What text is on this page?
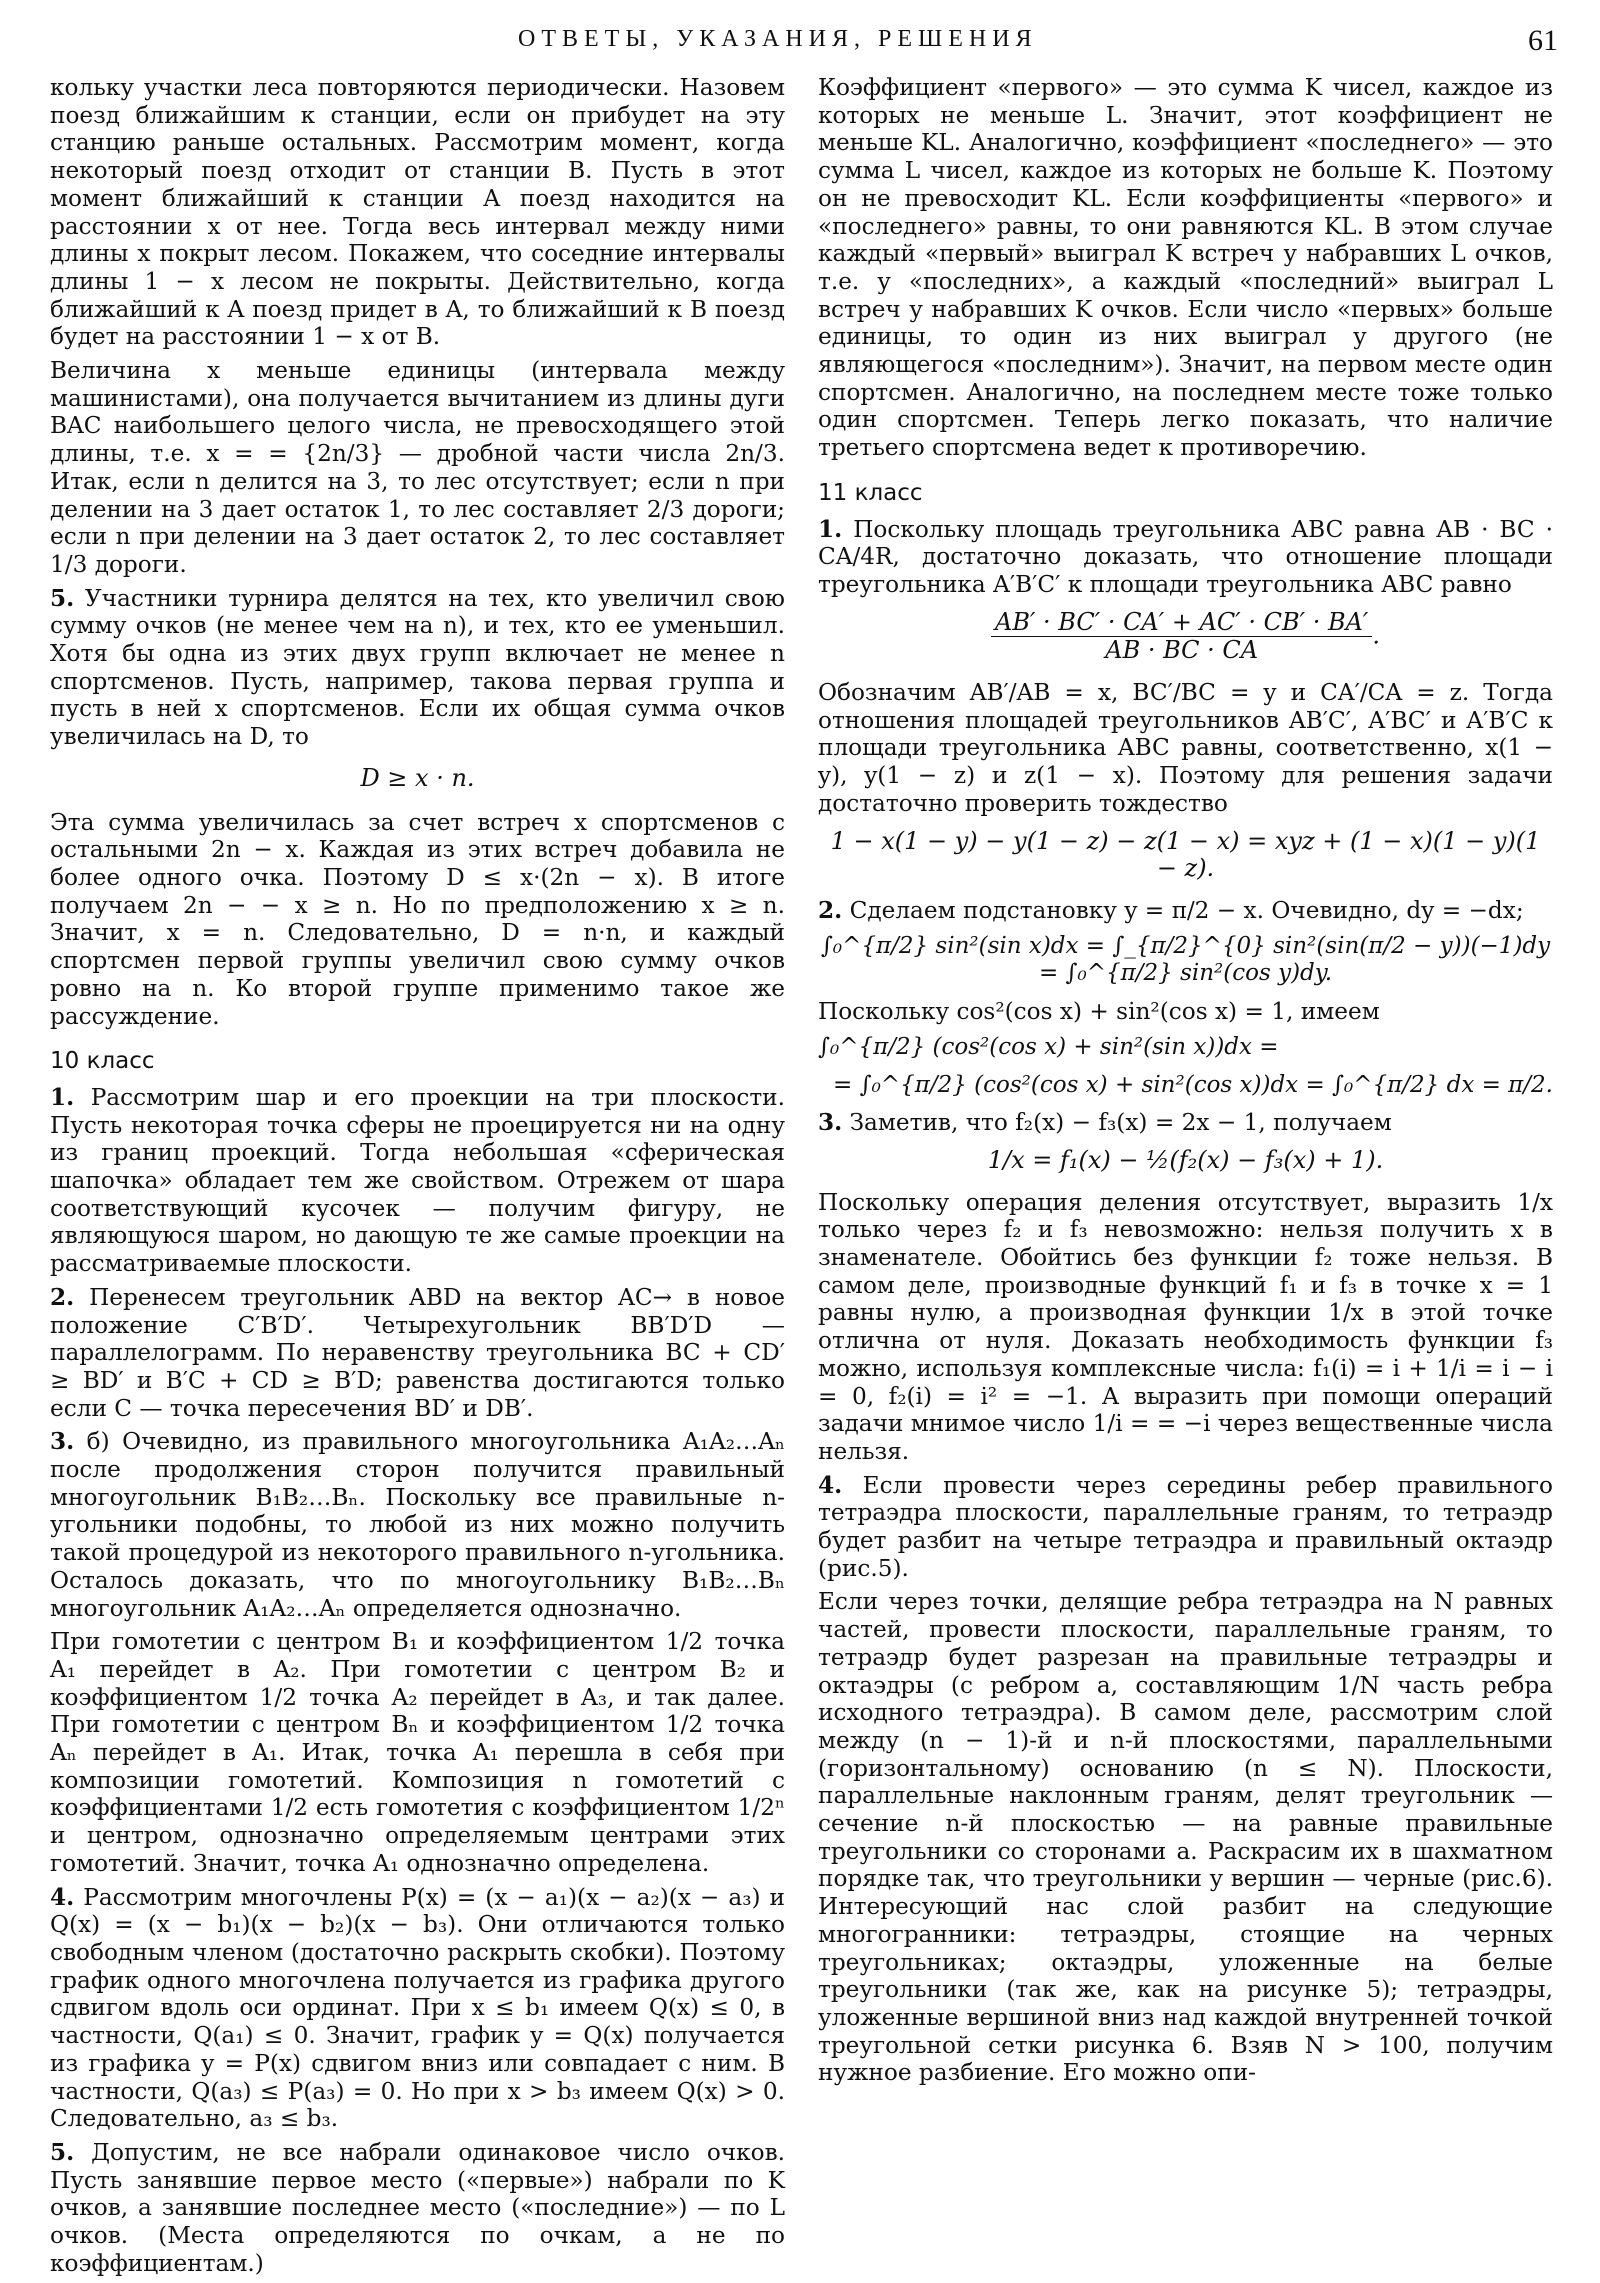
ОТВЕТЫ, УКАЗАНИЯ, РЕШЕНИЯ	61

кольку участки леса повторяются периодически. Назовем поезд ближайшим к станции, если он прибудет на эту станцию раньше остальных. Рассмотрим момент, когда некоторый поезд отходит от станции B. Пусть в этот момент ближайший к станции A поезд находится на расстоянии x от нее. Тогда весь интервал между ними длины x покрыт лесом. Покажем, что соседние интервалы длины 1 − x лесом не покрыты. Действительно, когда ближайший к A поезд придет в A, то ближайший к B поезд будет на расстоянии 1 − x от B.

Величина x меньше единицы (интервала между машинистами), она получается вычитанием из длины дуги BAC наибольшего целого числа, не превосходящего этой длины, т.е. x = = {2n/3} — дробной части числа 2n/3. Итак, если n делится на 3, то лес отсутствует; если n при делении на 3 дает остаток 1, то лес составляет 2/3 дороги; если n при делении на 3 дает остаток 2, то лес составляет 1/3 дороги.

5. Участники турнира делятся на тех, кто увеличил свою сумму очков (не менее чем на n), и тех, кто ее уменьшил. Хотя бы одна из этих двух групп включает не менее n спортсменов. Пусть, например, такова первая группа и пусть в ней x спортсменов. Если их общая сумма очков увеличилась на D, то

D ≥ x · n.

Эта сумма увеличилась за счет встреч x спортсменов с остальными 2n − x. Каждая из этих встреч добавила не более одного очка. Поэтому D ≤ x·(2n − x). В итоге получаем 2n − − x ≥ n. Но по предположению x ≥ n. Значит, x = n. Следовательно, D = n·n, и каждый спортсмен первой группы увеличил свою сумму очков ровно на n. Ко второй группе применимо такое же рассуждение.

10 класс

1. Рассмотрим шар и его проекции на три плоскости. Пусть некоторая точка сферы не проецируется ни на одну из границ проекций. Тогда небольшая «сферическая шапочка» обладает тем же свойством. Отрежем от шара соответствующий кусочек — получим фигуру, не являющуюся шаром, но дающую те же самые проекции на рассматриваемые плоскости.

2. Перенесем треугольник ABD на вектор AC→ в новое положение C′B′D′. Четырехугольник BB′D′D — параллелограмм. По неравенству треугольника BC + CD′ ≥ BD′ и B′C + CD ≥ B′D; равенства достигаются только если C — точка пересечения BD′ и DB′.

3. б) Очевидно, из правильного многоугольника A₁A₂…Aₙ после продолжения сторон получится правильный многоугольник B₁B₂…Bₙ. Поскольку все правильные n-угольники подобны, то любой из них можно получить такой процедурой из некоторого правильного n-угольника. Осталось доказать, что по многоугольнику B₁B₂…Bₙ многоугольник A₁A₂…Aₙ определяется однозначно.

При гомотетии с центром B₁ и коэффициентом 1/2 точка A₁ перейдет в A₂. При гомотетии с центром B₂ и коэффициентом 1/2 точка A₂ перейдет в A₃, и так далее. При гомотетии с центром Bₙ и коэффициентом 1/2 точка Aₙ перейдет в A₁. Итак, точка A₁ перешла в себя при композиции гомотетий. Композиция n гомотетий с коэффициентами 1/2 есть гомотетия с коэффициентом 1/2ⁿ и центром, однозначно определяемым центрами этих гомотетий. Значит, точка A₁ однозначно определена.

4. Рассмотрим многочлены P(x) = (x − a₁)(x − a₂)(x − a₃) и Q(x) = (x − b₁)(x − b₂)(x − b₃). Они отличаются только свободным членом (достаточно раскрыть скобки). Поэтому график одного многочлена получается из графика другого сдвигом вдоль оси ординат. При x ≤ b₁ имеем Q(x) ≤ 0, в частности, Q(a₁) ≤ 0. Значит, график y = Q(x) получается из графика y = P(x) сдвигом вниз или совпадает с ним. В частности, Q(a₃) ≤ P(a₃) = 0. Но при x > b₃ имеем Q(x) > 0. Следовательно, a₃ ≤ b₃.

5. Допустим, не все набрали одинаковое число очков. Пусть занявшие первое место («первые») набрали по K очков, а занявшие последнее место («последние») — по L очков. (Места определяются по очкам, а не по коэффициентам.)

Коэффициент «первого» — это сумма K чисел, каждое из которых не меньше L. Значит, этот коэффициент не меньше KL. Аналогично, коэффициент «последнего» — это сумма L чисел, каждое из которых не больше K. Поэтому он не превосходит KL. Если коэффициенты «первого» и «последнего» равны, то они равняются KL. В этом случае каждый «первый» выиграл K встреч у набравших L очков, т.е. у «последних», а каждый «последний» выиграл L встреч у набравших K очков. Если число «первых» больше единицы, то один из них выиграл у другого (не являющегося «последним»). Значит, на первом месте один спортсмен. Аналогично, на последнем месте тоже только один спортсмен. Теперь легко показать, что наличие третьего спортсмена ведет к противоречию.

11 класс

1. Поскольку площадь треугольника ABC равна AB · BC · CA/4R, достаточно доказать, что отношение площади треугольника A′B′C′ к площади треугольника ABC равно

$\frac{AB' \cdot BC' \cdot CA' + AC' \cdot CB' \cdot BA'}{AB \cdot BC \cdot CA}$ .

Обозначим AB′/AB = x, BC′/BC = y и CA′/CA = z. Тогда отношения площадей треугольников AB′C′, A′BC′ и A′B′C к площади треугольника ABC равны, соответственно, x(1 − y), y(1 − z) и z(1 − x). Поэтому для решения задачи достаточно проверить тождество

1 − x(1 − y) − y(1 − z) − z(1 − x) = xyz + (1 − x)(1 − y)(1 − z).

2. Сделаем подстановку y = π/2 − x. Очевидно, dy = −dx;

∫₀^{π/2} sin²(sin x)dx = ∫_{π/2}^{0} sin²(sin(π/2 − y))(−1)dy = ∫₀^{π/2} sin²(cos y)dy.

Поскольку cos²(cos x) + sin²(cos x) = 1, имеем

∫₀^{π/2} (cos²(cos x) + sin²(sin x))dx =
= ∫₀^{π/2} (cos²(cos x) + sin²(cos x))dx = ∫₀^{π/2} dx = π/2.

3. Заметив, что f₂(x) − f₃(x) = 2x − 1, получаем

1/x = f₁(x) − ½(f₂(x) − f₃(x) + 1).

Поскольку операция деления отсутствует, выразить 1/x только через f₂ и f₃ невозможно: нельзя получить x в знаменателе. Обойтись без функции f₂ тоже нельзя. В самом деле, производные функций f₁ и f₃ в точке x = 1 равны нулю, а производная функции 1/x в этой точке отлична от нуля. Доказать необходимость функции f₃ можно, используя комплексные числа: f₁(i) = i + 1/i = i − i = 0, f₂(i) = i² = −1. А выразить при помощи операций задачи мнимое число 1/i = = −i через вещественные числа нельзя.

4. Если провести через середины ребер правильного тетраэдра плоскости, параллельные граням, то тетраэдр будет разбит на четыре тетраэдра и правильный октаэдр (рис.5).

Если через точки, делящие ребра тетраэдра на N равных частей, провести плоскости, параллельные граням, то тетраэдр будет разрезан на правильные тетраэдры и октаэдры (с ребром a, составляющим 1/N часть ребра исходного тетраэдра). В самом деле, рассмотрим слой между (n − 1)-й и n-й плоскостями, параллельными (горизонтальному) основанию (n ≤ N). Плоскости, параллельные наклонным граням, делят треугольник — сечение n-й плоскостью — на равные правильные треугольники со сторонами a. Раскрасим их в шахматном порядке так, что треугольники у вершин — черные (рис.6). Интересующий нас слой разбит на следующие многогранники: тетраэдры, стоящие на черных треугольниках; октаэдры, уложенные на белые треугольники (так же, как на рисунке 5); тетраэдры, уложенные вершиной вниз над каждой внутренней точкой треугольной сетки рисунка 6. Взяв N > 100, получим нужное разбиение. Его можно опи-
